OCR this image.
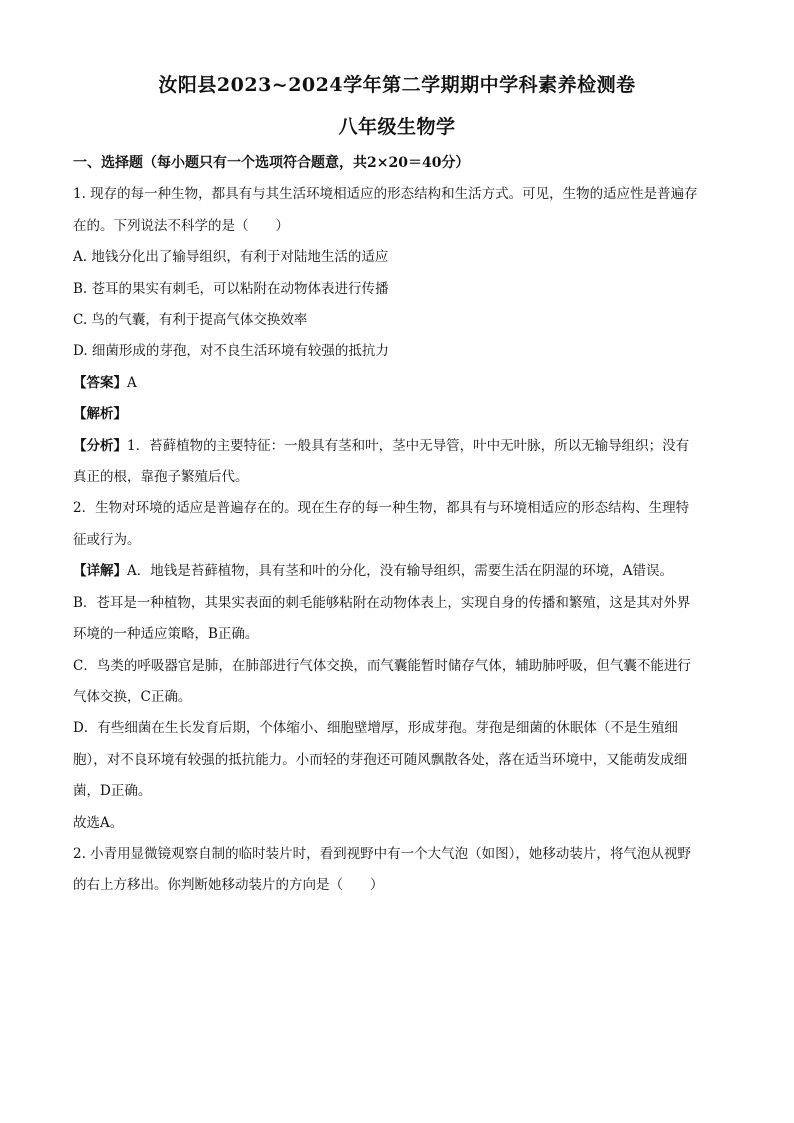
汝阳县2023~2024学年第二学期期中学科素养检测卷
八年级生物学

一、选择题（每小题只有一个选项符合题意，共2×20＝40分）

1. 现存的每一种生物，都具有与其生活环境相适应的形态结构和生活方式。可见，生物的适应性是普遍存

在的。下列说法不科学的是（　　）

A. 地钱分化出了输导组织，有利于对陆地生活的适应

B. 苍耳的果实有刺毛，可以粘附在动物体表进行传播

C. 鸟的气囊，有利于提高气体交换效率

D. 细菌形成的芽孢，对不良生活环境有较强的抵抗力

【答案】A

【解析】

【分析】1．苔藓植物的主要特征：一般具有茎和叶，茎中无导管，叶中无叶脉，所以无输导组织；没有

真正的根，靠孢子繁殖后代。

2．生物对环境的适应是普遍存在的。现在生存的每一种生物，都具有与环境相适应的形态结构、生理特

征或行为。

【详解】A．地钱是苔藓植物，具有茎和叶的分化，没有输导组织，需要生活在阴湿的环境，A错误。

B．苍耳是一种植物，其果实表面的刺毛能够粘附在动物体表上，实现自身的传播和繁殖，这是其对外界

环境的一种适应策略，B正确。

C．鸟类的呼吸器官是肺，在肺部进行气体交换，而气囊能暂时储存气体，辅助肺呼吸，但气囊不能进行

气体交换，C正确。

D．有些细菌在生长发育后期，个体缩小、细胞壁增厚，形成芽孢。芽孢是细菌的休眠体（不是生殖细

胞），对不良环境有较强的抵抗能力。小而轻的芽孢还可随风飘散各处，落在适当环境中，又能萌发成细

菌，D正确。

故选A。

2. 小青用显微镜观察自制的临时装片时，看到视野中有一个大气泡（如图），她移动装片，将气泡从视野

的右上方移出。你判断她移动装片的方向是（　　）
